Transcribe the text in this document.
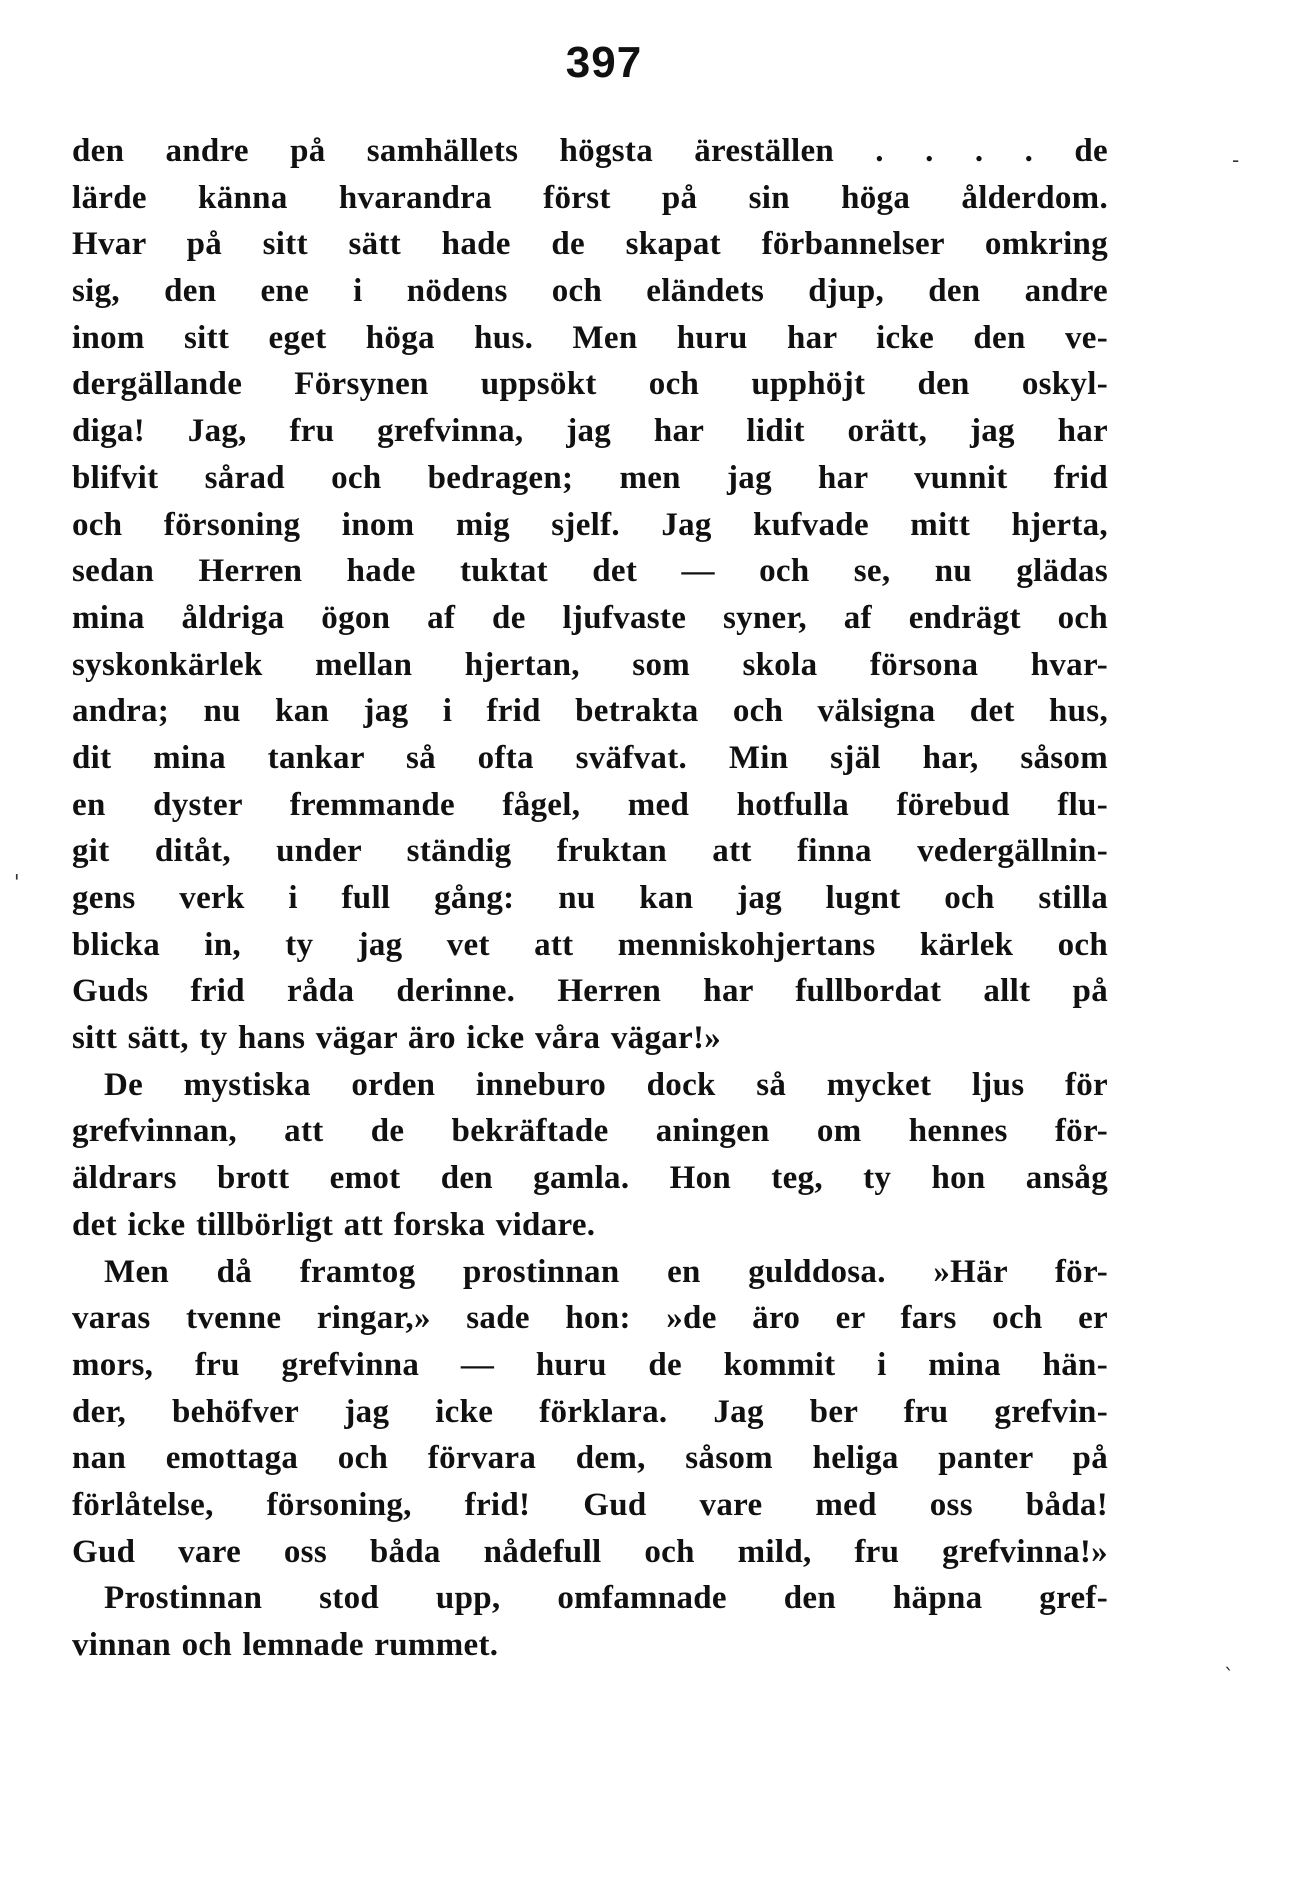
397
den andre på samhällets högsta äreställen . . . . de
lärde känna hvarandra först på sin höga ålderdom.
Hvar på sitt sätt hade de skapat förbannelser omkring
sig, den ene i nödens och eländets djup, den andre
inom sitt eget höga hus. Men huru har icke den ve-
dergällande Försynen uppsökt och upphöjt den oskyl-
diga! Jag, fru grefvinna, jag har lidit orätt, jag har
blifvit sårad och bedragen; men jag har vunnit frid
och försoning inom mig sjelf. Jag kufvade mitt hjerta,
sedan Herren hade tuktat det — och se, nu glädas
mina åldriga ögon af de ljufvaste syner, af endrägt och
syskonkärlek mellan hjertan, som skola försona hvar-
andra; nu kan jag i frid betrakta och välsigna det hus,
dit mina tankar så ofta sväfvat. Min själ har, såsom
en dyster fremmande fågel, med hotfulla förebud flu-
git ditåt, under ständig fruktan att finna vedergällnin-
gens verk i full gång: nu kan jag lugnt och stilla
blicka in, ty jag vet att menniskohjertans kärlek och
Guds frid råda derinne. Herren har fullbordat allt på
sitt sätt, ty hans vägar äro icke våra vägar!»
De mystiska orden inneburo dock så mycket ljus för
grefvinnan, att de bekräftade aningen om hennes för-
äldrars brott emot den gamla. Hon teg, ty hon ansåg
det icke tillbörligt att forska vidare.
Men då framtog prostinnan en gulddosa. »Här för-
varas tvenne ringar,» sade hon: »de äro er fars och er
mors, fru grefvinna — huru de kommit i mina hän-
der, behöfver jag icke förklara. Jag ber fru grefvin-
nan emottaga och förvara dem, såsom heliga panter på
förlåtelse, försoning, frid! Gud vare med oss båda!
Gud vare oss båda nådefull och mild, fru grefvinna!»
Prostinnan stod upp, omfamnade den häpna gref-
vinnan och lemnade rummet.
-
'
`
